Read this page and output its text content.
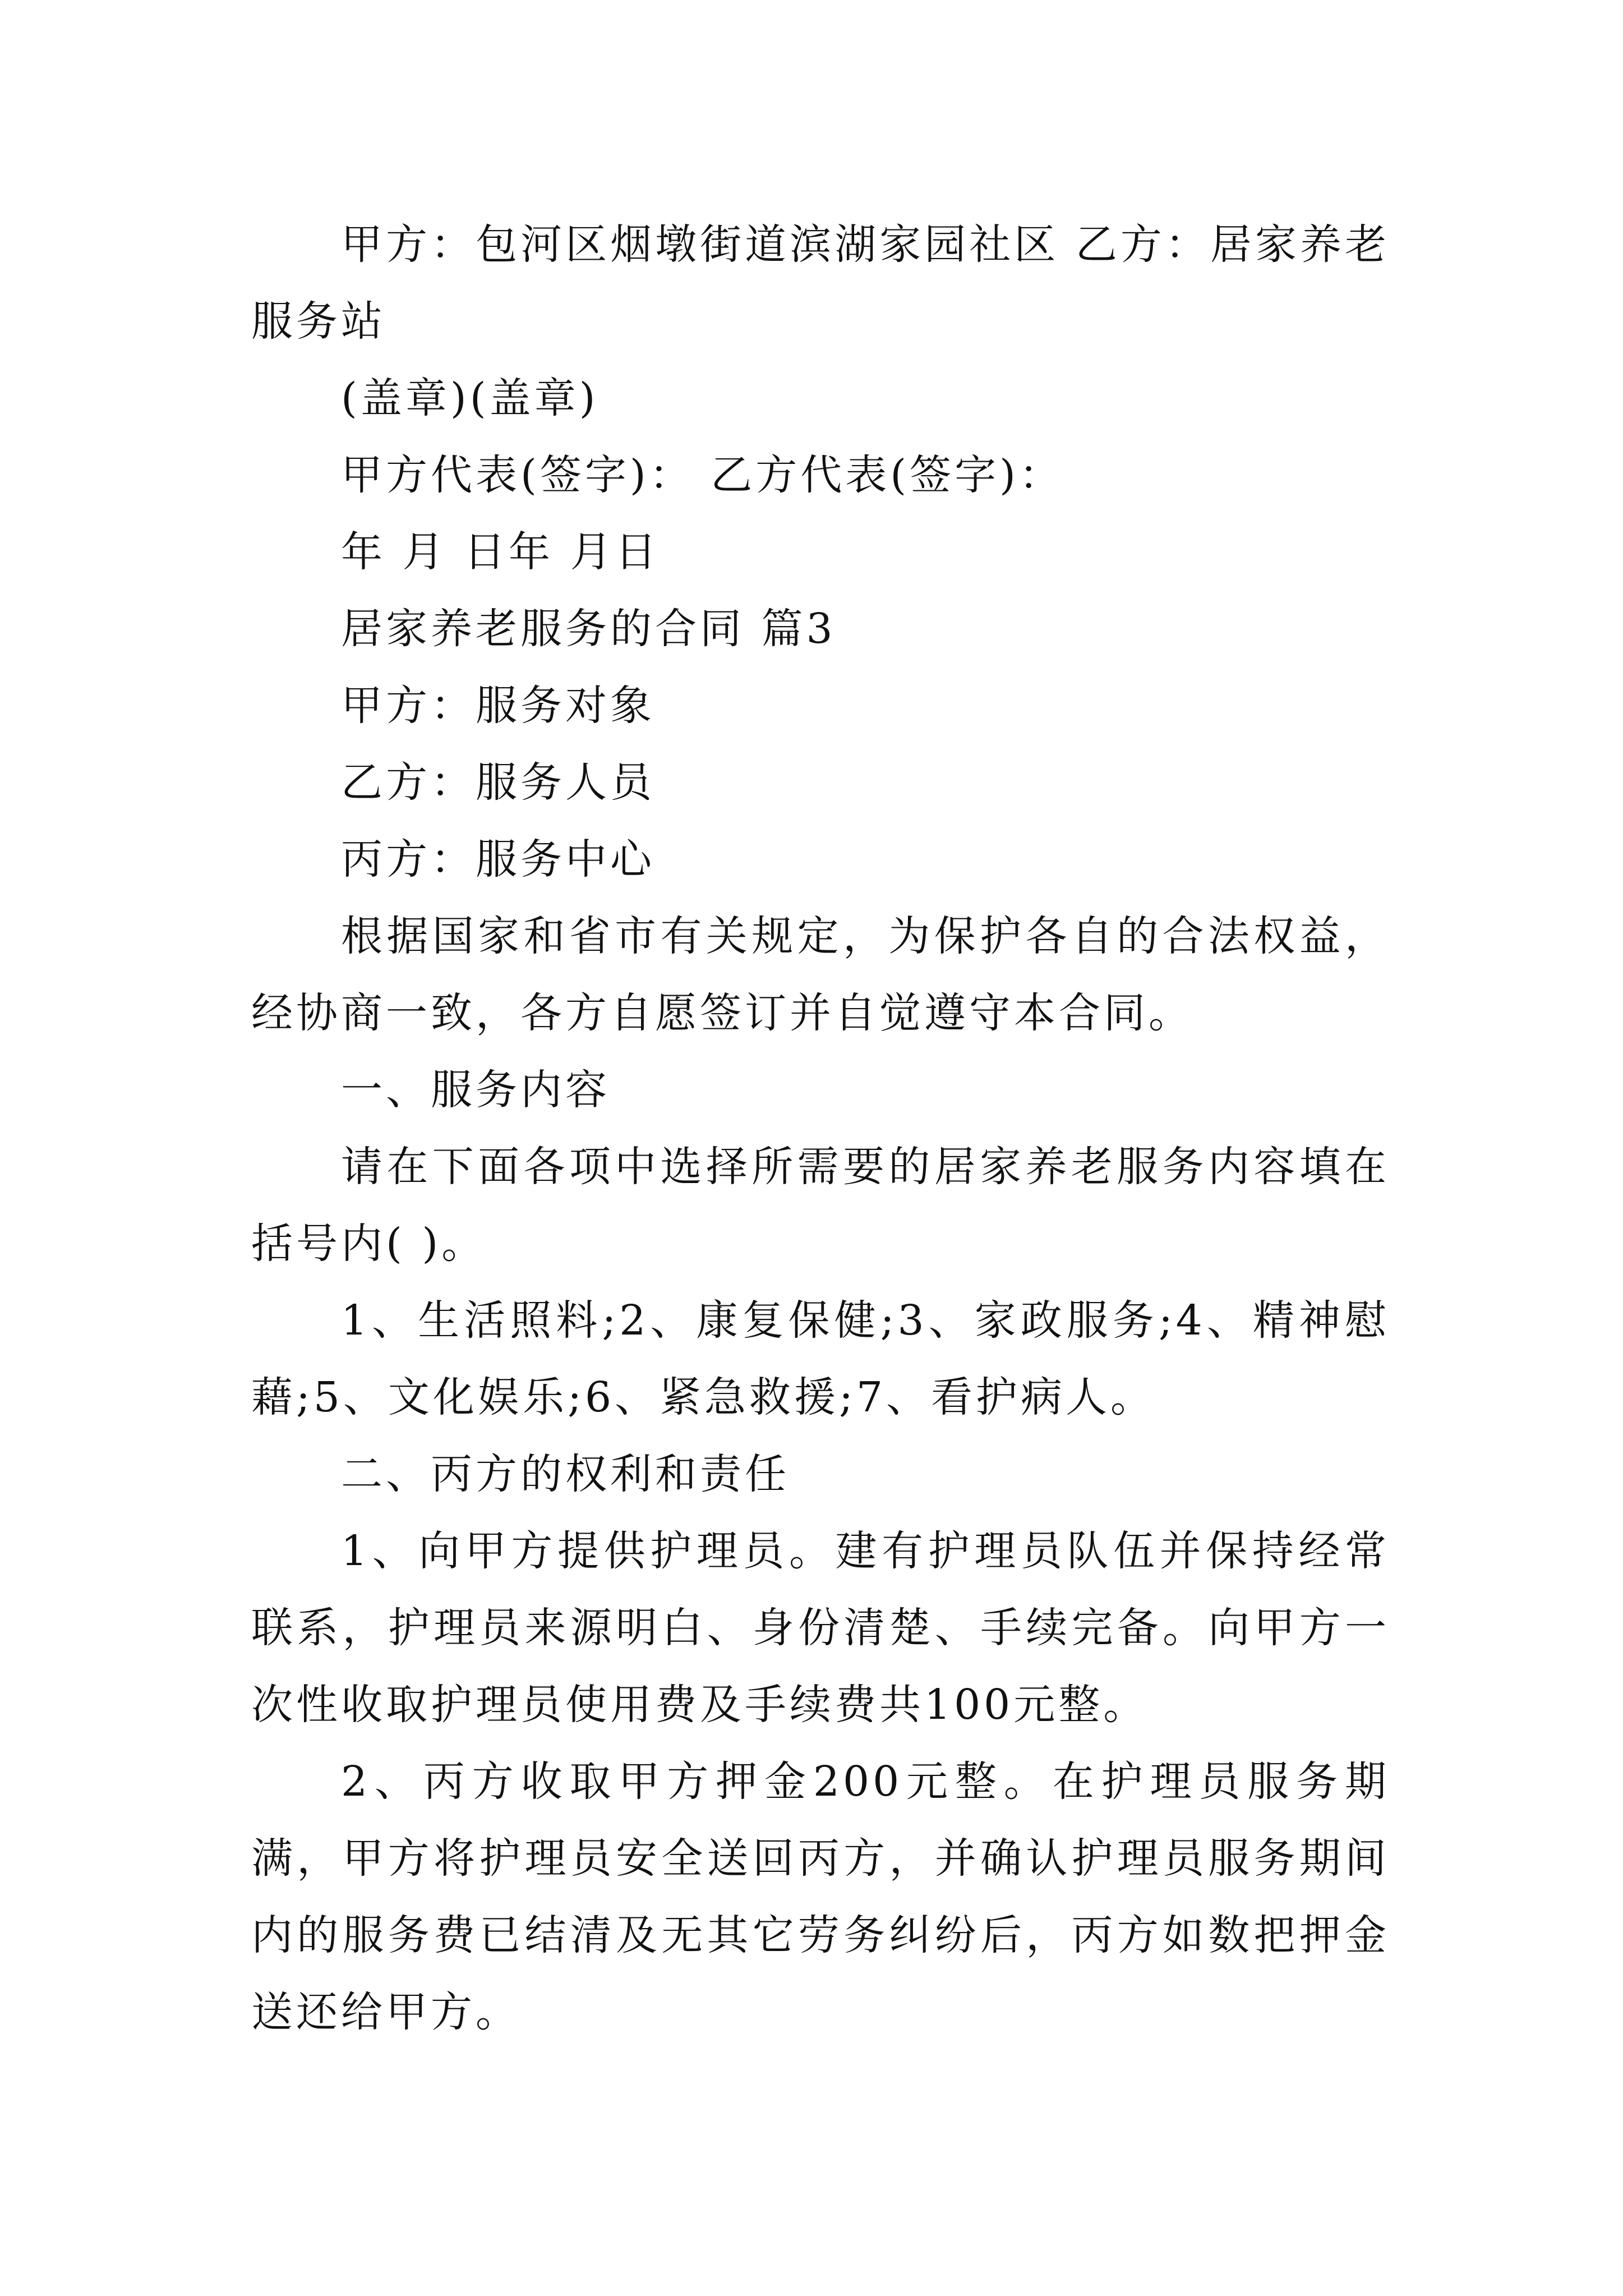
甲方：包河区烟墩街道滨湖家园社区 乙方：居家养老服务站

(盖章)(盖章)

甲方代表(签字)： 乙方代表(签字)：

年 月 日年 月日

居家养老服务的合同 篇3

甲方：服务对象

乙方：服务人员

丙方：服务中心

根据国家和省市有关规定，为保护各自的合法权益，经协商一致，各方自愿签订并自觉遵守本合同。

一、服务内容

请在下面各项中选择所需要的居家养老服务内容填在括号内( )。

1、生活照料;2、康复保健;3、家政服务;4、精神慰藉;5、文化娱乐;6、紧急救援;7、看护病人。

二、丙方的权利和责任

1、向甲方提供护理员。建有护理员队伍并保持经常联系，护理员来源明白、身份清楚、手续完备。向甲方一次性收取护理员使用费及手续费共100元整。

2、丙方收取甲方押金200元整。在护理员服务期满，甲方将护理员安全送回丙方，并确认护理员服务期间内的服务费已结清及无其它劳务纠纷后，丙方如数把押金送还给甲方。
